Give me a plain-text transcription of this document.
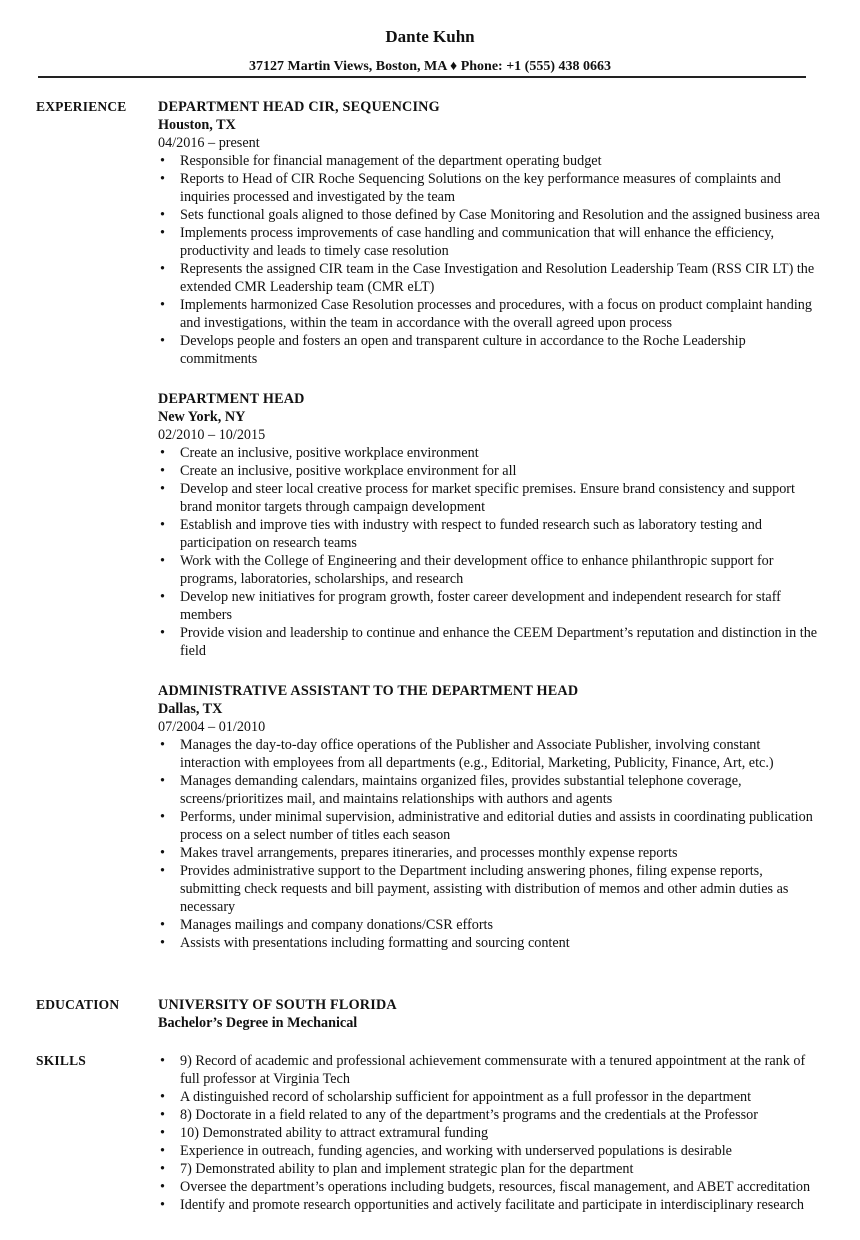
Dante Kuhn
37127 Martin Views, Boston, MA ♦ Phone: +1 (555) 438 0663
EXPERIENCE DEPARTMENT HEAD CIR, SEQUENCING
Houston, TX
04/2016 – present
• Responsible for financial management of the department operating budget
• Reports to Head of CIR Roche Sequencing Solutions on the key performance measures of complaints and inquiries processed and investigated by the team
• Sets functional goals aligned to those defined by Case Monitoring and Resolution and the assigned business area
• Implements process improvements of case handling and communication that will enhance the efficiency, productivity and leads to timely case resolution
• Represents the assigned CIR team in the Case Investigation and Resolution Leadership Team (RSS CIR LT) the extended CMR Leadership team (CMR eLT)
• Implements harmonized Case Resolution processes and procedures, with a focus on product complaint handing and investigations, within the team in accordance with the overall agreed upon process
• Develops people and fosters an open and transparent culture in accordance to the Roche Leadership commitments
DEPARTMENT HEAD
New York, NY
02/2010 – 10/2015
• Create an inclusive, positive workplace environment
• Create an inclusive, positive workplace environment for all
• Develop and steer local creative process for market specific premises. Ensure brand consistency and support brand monitor targets through campaign development
• Establish and improve ties with industry with respect to funded research such as laboratory testing and participation on research teams
• Work with the College of Engineering and their development office to enhance philanthropic support for programs, laboratories, scholarships, and research
• Develop new initiatives for program growth, foster career development and independent research for staff members
• Provide vision and leadership to continue and enhance the CEEM Department’s reputation and distinction in the field
ADMINISTRATIVE ASSISTANT TO THE DEPARTMENT HEAD
Dallas, TX
07/2004 – 01/2010
• Manages the day-to-day office operations of the Publisher and Associate Publisher, involving constant interaction with employees from all departments (e.g., Editorial, Marketing, Publicity, Finance, Art, etc.)
• Manages demanding calendars, maintains organized files, provides substantial telephone coverage, screens/prioritizes mail, and maintains relationships with authors and agents
• Performs, under minimal supervision, administrative and editorial duties and assists in coordinating publication process on a select number of titles each season
• Makes travel arrangements, prepares itineraries, and processes monthly expense reports
• Provides administrative support to the Department including answering phones, filing expense reports, submitting check requests and bill payment, assisting with distribution of memos and other admin duties as necessary
• Manages mailings and company donations/CSR efforts
• Assists with presentations including formatting and sourcing content
EDUCATION	UNIVERSITY OF SOUTH FLORIDA
Bachelor’s Degree in Mechanical
SKILLS	• 9) Record of academic and professional achievement commensurate with a tenured appointment at the rank of full professor at Virginia Tech
• A distinguished record of scholarship sufficient for appointment as a full professor in the department
• 8) Doctorate in a field related to any of the department’s programs and the credentials at the Professor
• 10) Demonstrated ability to attract extramural funding
• Experience in outreach, funding agencies, and working with underserved populations is desirable
• 7) Demonstrated ability to plan and implement strategic plan for the department
• Oversee the department’s operations including budgets, resources, fiscal management, and ABET accreditation
• Identify and promote research opportunities and actively facilitate and participate in interdisciplinary research
